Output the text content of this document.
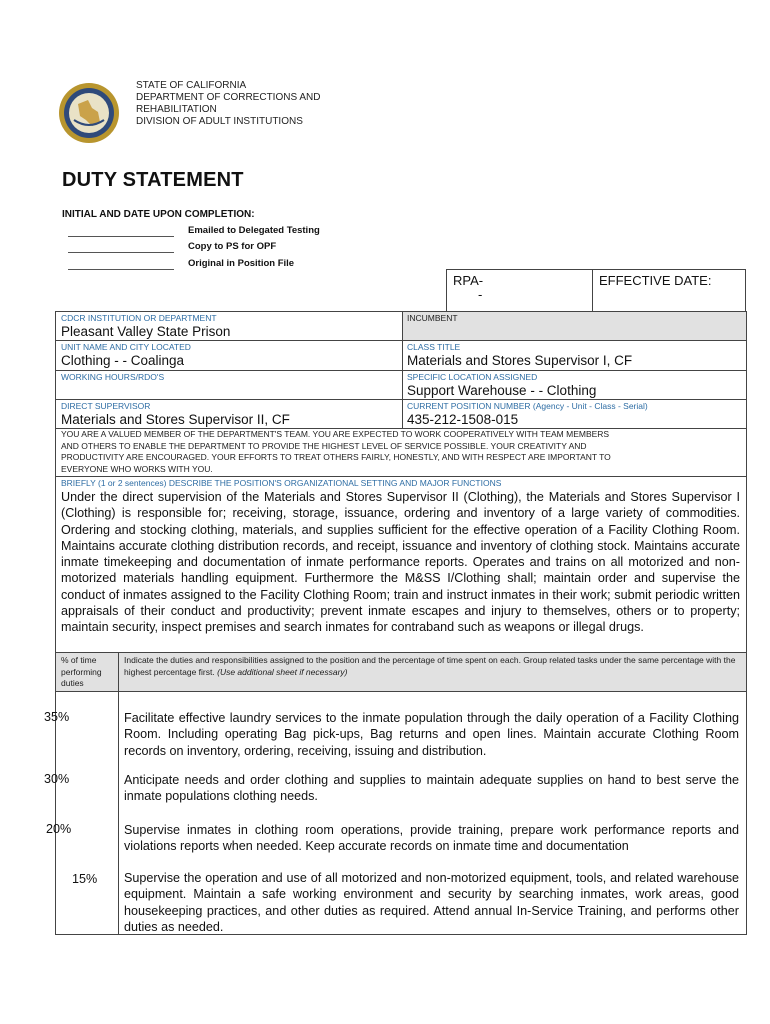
STATE OF CALIFORNIA
DEPARTMENT OF CORRECTIONS AND
REHABILITATION
DIVISION OF ADULT INSTITUTIONS
DUTY STATEMENT
INITIAL AND DATE UPON COMPLETION:
Emailed to Delegated Testing
Copy to PS for OPF
Original in Position File
RPA-
-
EFFECTIVE DATE:
CDCR INSTITUTION OR DEPARTMENT
Pleasant Valley State Prison
INCUMBENT
UNIT NAME AND CITY LOCATED
Clothing - - Coalinga
CLASS TITLE
Materials and Stores Supervisor I, CF
WORKING HOURS/RDO'S	SPECIFIC LOCATION ASSIGNED
Support Warehouse - - Clothing
DIRECT SUPERVISOR
Materials and Stores Supervisor II, CF
CURRENT POSITION NUMBER (Agency - Unit - Class - Serial)
435-212-1508-015
YOU ARE A VALUED MEMBER OF THE DEPARTMENT'S TEAM. YOU ARE EXPECTED TO WORK COOPERATIVELY WITH TEAM MEMBERS
AND OTHERS TO ENABLE THE DEPARTMENT TO PROVIDE THE HIGHEST LEVEL OF SERVICE POSSIBLE. YOUR CREATIVITY AND
PRODUCTIVITY ARE ENCOURAGED. YOUR EFFORTS TO TREAT OTHERS FAIRLY, HONESTLY, AND WITH RESPECT ARE IMPORTANT TO
EVERYONE WHO WORKS WITH YOU.
BRIEFLY (1 or 2 sentences) DESCRIBE THE POSITION'S ORGANIZATIONAL SETTING AND MAJOR FUNCTIONS
Under the direct supervision of the Materials and Stores Supervisor II (Clothing), the Materials and Stores Supervisor I (Clothing) is responsible for; receiving, storage, issuance, ordering and inventory of a large variety of commodities. Ordering and stocking clothing, materials, and supplies sufficient for the effective operation of a Facility Clothing Room. Maintains accurate clothing distribution records, and receipt, issuance and inventory of clothing stock. Maintains accurate inmate timekeeping and documentation of inmate performance reports. Operates and trains on all motorized and non-motorized materials handling equipment. Furthermore the M&SS I/Clothing shall; maintain order and supervise the conduct of inmates assigned to the Facility Clothing Room; train and instruct inmates in their work; submit periodic written appraisals of their conduct and productivity; prevent inmate escapes and injury to themselves, others or to property; maintain security, inspect premises and search inmates for contraband such as weapons or illegal drugs.
% of time performing duties
Indicate the duties and responsibilities assigned to the position and the percentage of time spent on each. Group related tasks under the same percentage with the highest percentage first. (Use additional sheet if necessary)
35%	Facilitate effective laundry services to the inmate population through the daily operation of a Facility Clothing Room. Including operating Bag pick-ups, Bag returns and open lines. Maintain accurate Clothing Room records on inventory, ordering, receiving, issuing and distribution.
30%	Anticipate needs and order clothing and supplies to maintain adequate supplies on hand to best serve the inmate populations clothing needs.
20%	Supervise inmates in clothing room operations, provide training, prepare work performance reports and violations reports when needed. Keep accurate records on inmate time and documentation
15% Supervise the operation and use of all motorized and non-motorized equipment, tools, and related warehouse equipment. Maintain a safe working environment and security by searching inmates, work areas, good housekeeping practices, and other duties as required. Attend annual In-Service Training, and performs other duties as needed.
